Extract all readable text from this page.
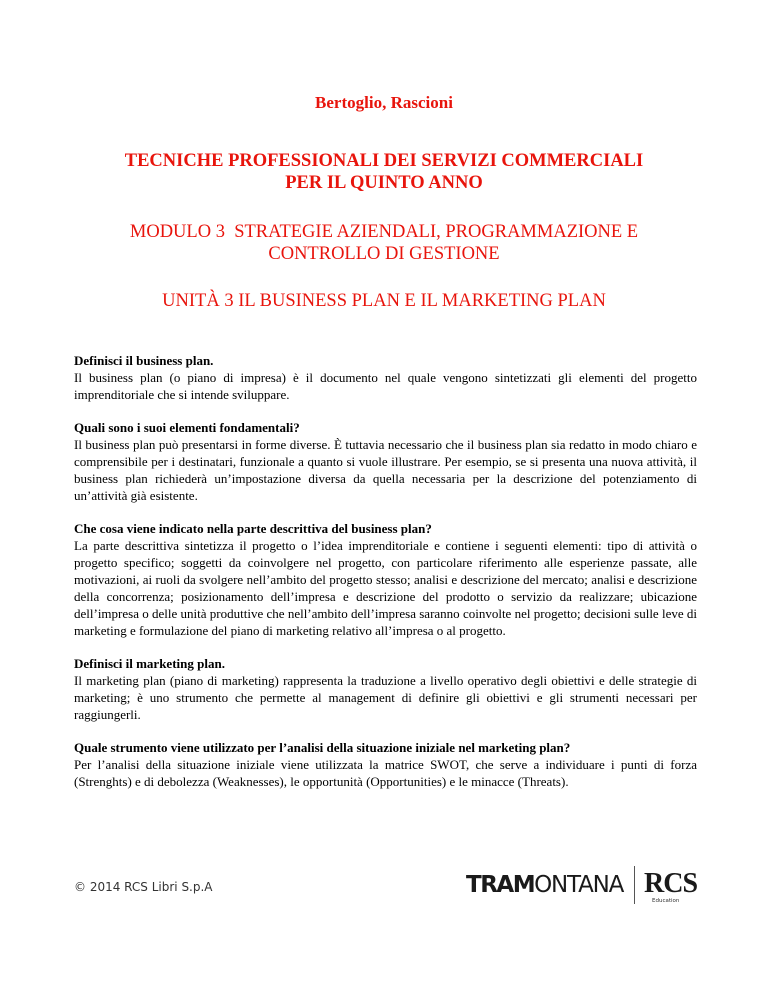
Bertoglio, Rascioni
TECNICHE PROFESSIONALI DEI SERVIZI COMMERCIALI
PER IL QUINTO ANNO
MODULO 3  STRATEGIE AZIENDALI, PROGRAMMAZIONE E
CONTROLLO DI GESTIONE
UNITÀ 3 IL BUSINESS PLAN E IL MARKETING PLAN
Definisci il business plan.
Il business plan (o piano di impresa) è il documento nel quale vengono sintetizzati gli elementi del progetto imprenditoriale che si intende sviluppare.
Quali sono i suoi elementi fondamentali?
Il business plan può presentarsi in forme diverse. È tuttavia necessario che il business plan sia redatto in modo chiaro e comprensibile per i destinatari, funzionale a quanto si vuole illustrare. Per esempio, se si presenta una nuova attività, il business plan richiederà un’impostazione diversa da quella necessaria per la descrizione del potenziamento di un’attività già esistente.
Che cosa viene indicato nella parte descrittiva del business plan?
La parte descrittiva sintetizza il progetto o l’idea imprenditoriale e contiene i seguenti elementi: tipo di attività o progetto specifico; soggetti da coinvolgere nel progetto, con particolare riferimento alle esperienze passate, alle motivazioni, ai ruoli da svolgere nell’ambito del progetto stesso; analisi e descrizione del mercato; analisi e descrizione della concorrenza; posizionamento dell’impresa e descrizione del prodotto o servizio da realizzare; ubicazione dell’impresa o delle unità produttive che nell’ambito dell’impresa saranno coinvolte nel progetto; decisioni sulle leve di marketing e formulazione del piano di marketing relativo all’impresa o al progetto.
Definisci il marketing plan.
Il marketing plan (piano di marketing) rappresenta la traduzione a livello operativo degli obiettivi e delle strategie di marketing; è uno strumento che permette al management di definire gli obiettivi e gli strumenti necessari per raggiungerli.
Quale strumento viene utilizzato per l’analisi della situazione iniziale nel marketing plan?
Per l’analisi della situazione iniziale viene utilizzata la matrice SWOT, che serve a individuare i punti di forza (Strenghts) e di debolezza (Weaknesses), le opportunità (Opportunities) e le minacce (Threats).
© 2014 RCS Libri S.p.A	TRAMONTANA RCS
Education
